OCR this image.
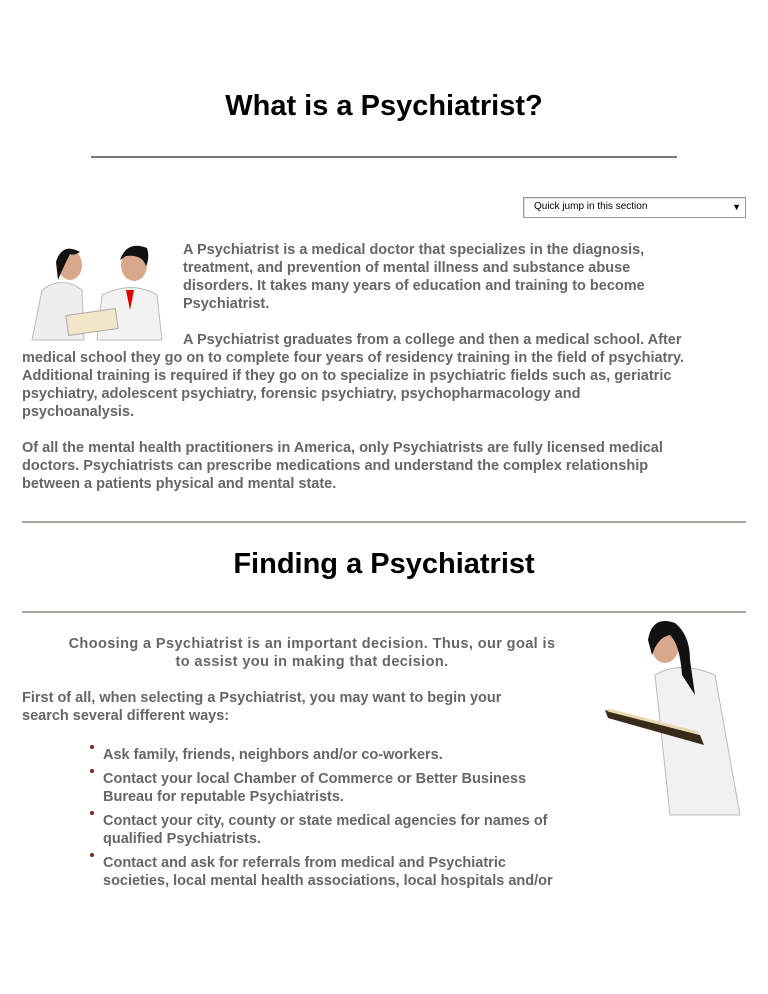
What is a Psychiatrist?
Quick jump in this section	▼
A Psychiatrist is a medical doctor that specializes in the diagnosis,
treatment, and prevention of mental illness and substance abuse
disorders. It takes many years of education and training to become
Psychiatrist.
A Psychiatrist graduates from a college and then a medical school. After
medical school they go on to complete four years of residency training in the field of psychiatry.
Additional training is required if they go on to specialize in psychiatric fields such as, geriatric
psychiatry, adolescent psychiatry, forensic psychiatry, psychopharmacology and
psychoanalysis.
Of all the mental health practitioners in America, only Psychiatrists are fully licensed medical
doctors. Psychiatrists can prescribe medications and understand the complex relationship
between a patients physical and mental state.
Finding a Psychiatrist
Choosing a Psychiatrist is an important decision. Thus, our goal is
to assist you in making that decision.
First of all, when selecting a Psychiatrist, you may want to begin your
search several different ways:
Ask family, friends, neighbors and/or co-workers.
Contact your local Chamber of Commerce or Better Business
Bureau for reputable Psychiatrists.
Contact your city, county or state medical agencies for names of
qualified Psychiatrists.
Contact and ask for referrals from medical and Psychiatric
societies, local mental health associations, local hospitals and/or
